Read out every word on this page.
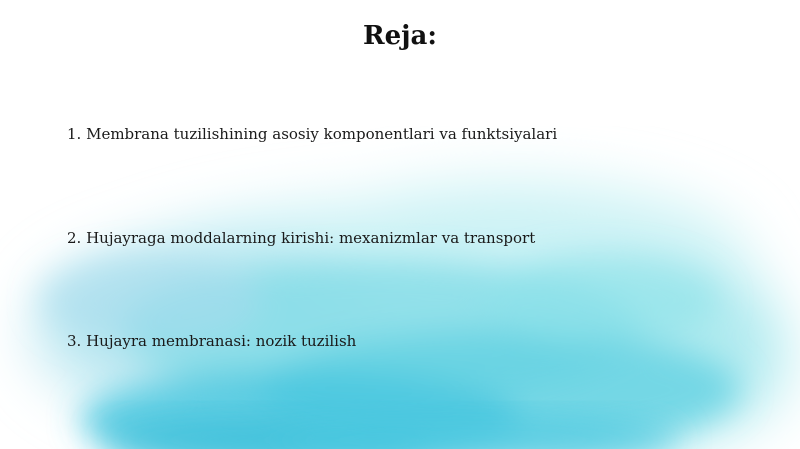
Reja:
1. Membrana tuzilishining asosiy komponentlari va funktsiyalari
2. Hujayraga moddalarning kirishi: mexanizmlar va transport
3. Hujayra membranasi: nozik tuzilish
